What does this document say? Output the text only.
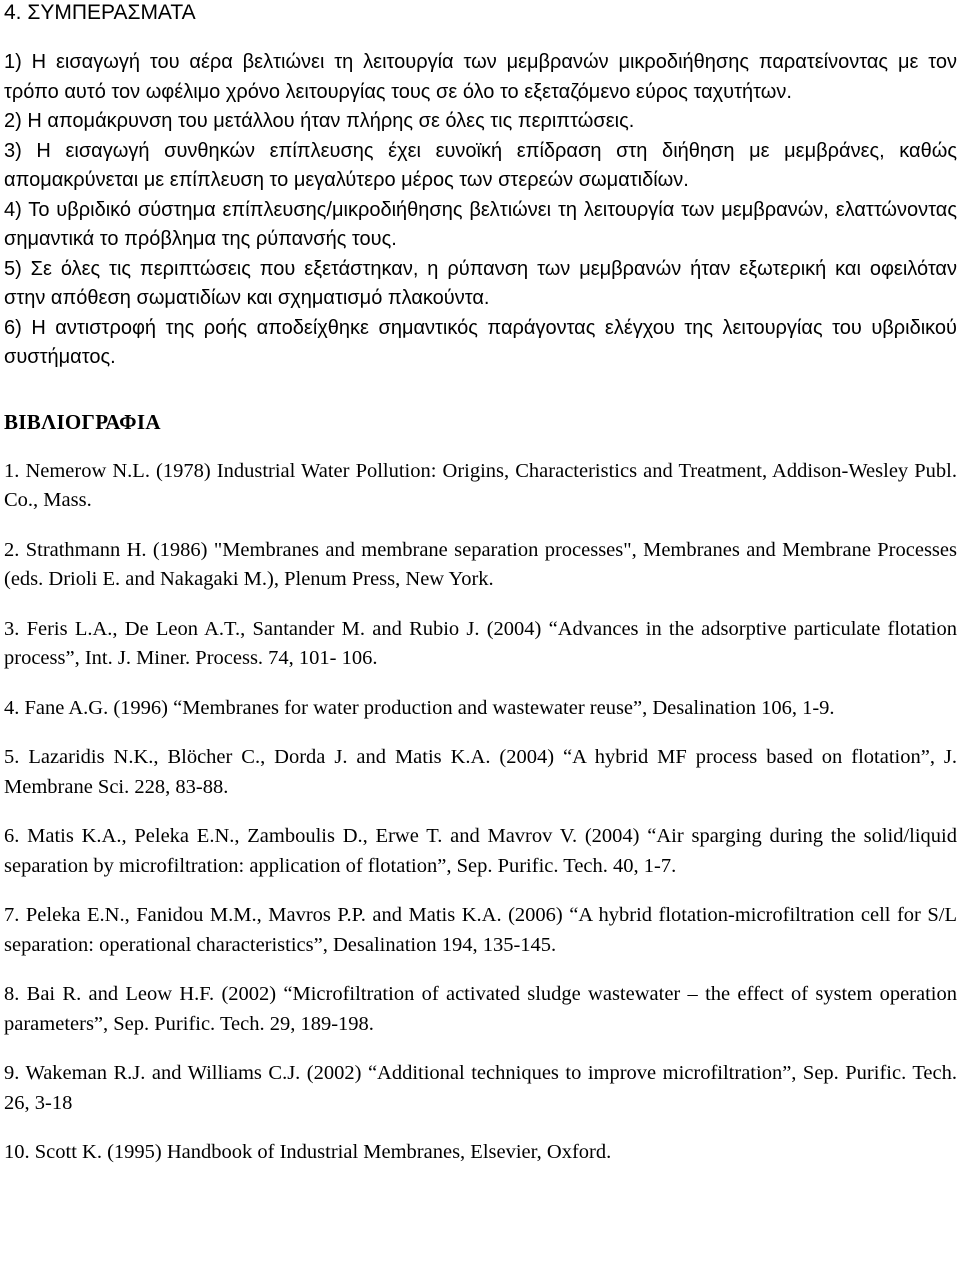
4. ΣΥΜΠΕΡΑΣΜΑΤΑ

1) Η εισαγωγή του αέρα βελτιώνει τη λειτουργία των μεμβρανών μικροδιήθησης παρατείνοντας με τον τρόπο αυτό τον ωφέλιμο χρόνο λειτουργίας τους σε όλο το εξεταζόμενο εύρος ταχυτήτων.

2) Η απομάκρυνση του μετάλλου ήταν πλήρης σε όλες τις περιπτώσεις.

3) Η εισαγωγή συνθηκών επίπλευσης έχει ευνοϊκή επίδραση στη διήθηση με μεμβράνες, καθώς απομακρύνεται με επίπλευση το μεγαλύτερο μέρος των στερεών σωματιδίων.

4) Το υβριδικό σύστημα επίπλευσης/μικροδιήθησης βελτιώνει τη λειτουργία των μεμβρανών, ελαττώνοντας σημαντικά το πρόβλημα της ρύπανσής τους.

5) Σε όλες τις περιπτώσεις που εξετάστηκαν, η ρύπανση των μεμβρανών ήταν εξωτερική και οφειλόταν στην απόθεση σωματιδίων και σχηματισμό πλακούντα.

6) Η αντιστροφή της ροής αποδείχθηκε σημαντικός παράγοντας ελέγχου της λειτουργίας του υβριδικού συστήματος.

ΒΙΒΛΙΟΓΡΑΦΙΑ

1. Nemerow N.L. (1978) Industrial Water Pollution: Origins, Characteristics and Treatment, Addison-Wesley Publ. Co., Mass.

2. Strathmann H. (1986) "Membranes and membrane separation processes", Membranes and Membrane Processes (eds. Drioli E. and Nakagaki M.), Plenum Press, New York.

3. Feris L.A., De Leon A.T., Santander M. and Rubio J. (2004) “Advances in the adsorptive particulate flotation process”, Int. J. Miner. Process. 74, 101- 106.

4. Fane A.G. (1996) “Membranes for water production and wastewater reuse”, Desalination 106, 1-9.

5. Lazaridis N.K., Blöcher C., Dorda J. and Matis K.A. (2004) “A hybrid MF process based on flotation”, J. Membrane Sci. 228, 83-88.

6. Matis K.A., Peleka E.N., Zamboulis D., Erwe T. and Mavrov V. (2004) “Air sparging during the solid/liquid separation by microfiltration: application of flotation”, Sep. Purific. Tech. 40, 1-7.

7. Peleka E.N., Fanidou M.M., Mavros P.P. and Matis K.A. (2006) “A hybrid flotation-microfiltration cell for S/L separation: operational characteristics”, Desalination 194, 135-145.

8. Bai R. and Leow H.F. (2002) “Microfiltration of activated sludge wastewater – the effect of system operation parameters”, Sep. Purific. Tech. 29, 189-198.

9. Wakeman R.J. and Williams C.J. (2002) “Additional techniques to improve microfiltration”, Sep. Purific. Tech. 26, 3-18

10. Scott K. (1995) Handbook of Industrial Membranes, Elsevier, Oxford.
